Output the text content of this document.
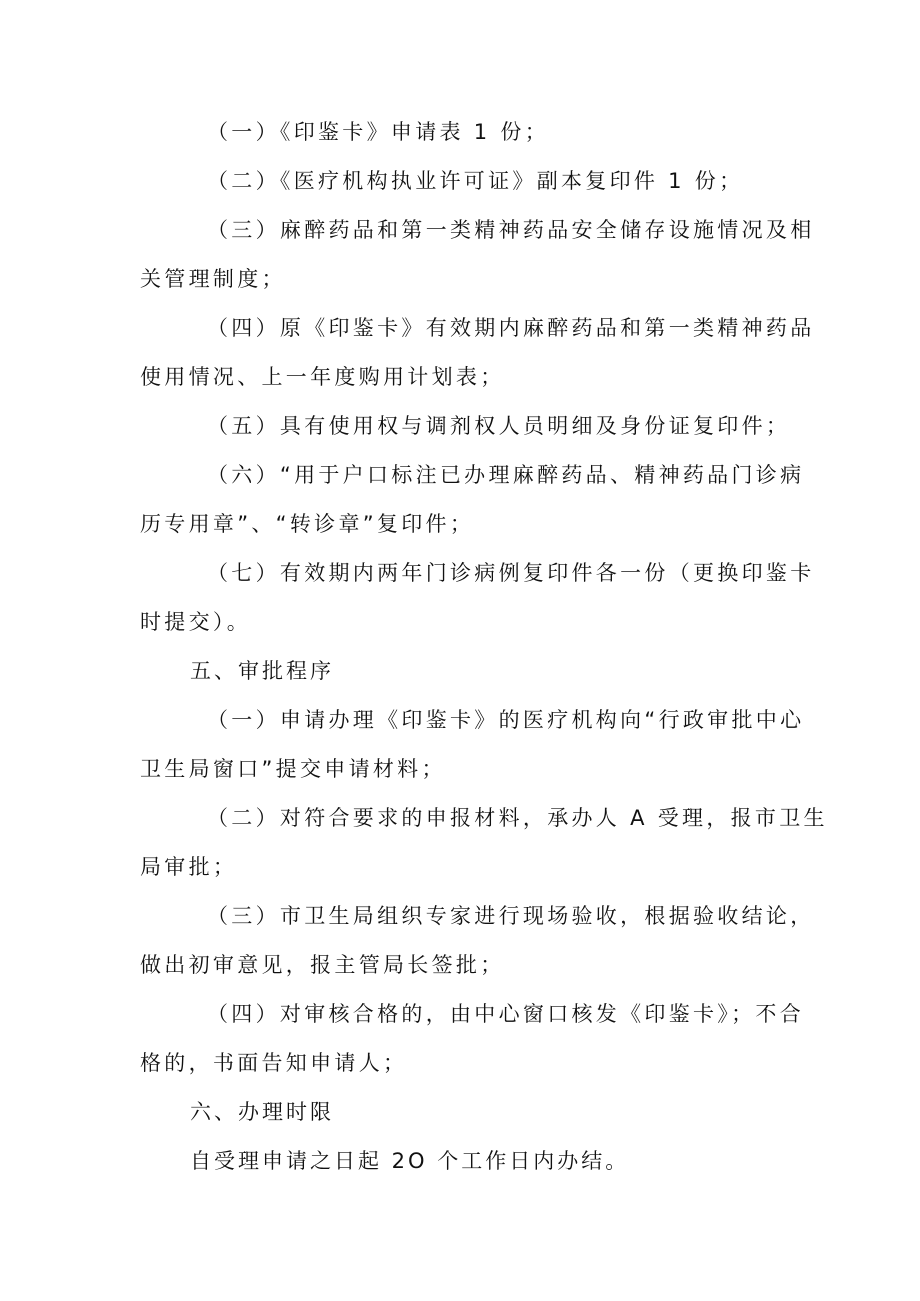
（一）《印鉴卡》申请表 1 份；
（二）《医疗机构执业许可证》副本复印件 1 份；
（三）麻醉药品和第一类精神药品安全储存设施情况及相
关管理制度；
（四）原《印鉴卡》有效期内麻醉药品和第一类精神药品
使用情况、上一年度购用计划表；
（五）具有使用权与调剂权人员明细及身份证复印件；
（六）“用于户口标注已办理麻醉药品、精神药品门诊病
历专用章”、“转诊章”复印件；
（七）有效期内两年门诊病例复印件各一份（更换印鉴卡
时提交）。
五、审批程序
（一）申请办理《印鉴卡》的医疗机构向“行政审批中心
卫生局窗口”提交申请材料；
（二）对符合要求的申报材料，承办人 A 受理，报市卫生
局审批；
（三）市卫生局组织专家进行现场验收，根据验收结论，
做出初审意见，报主管局长签批；
（四）对审核合格的，由中心窗口核发《印鉴卡》；不合
格的，书面告知申请人；
六、办理时限
自受理申请之日起 2O 个工作日内办结。
